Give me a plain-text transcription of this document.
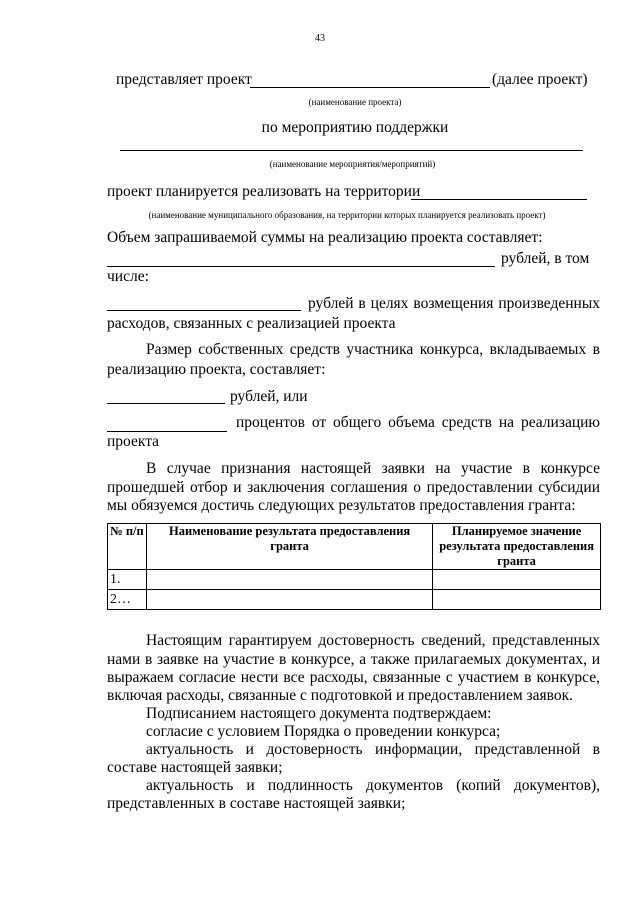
43
представляет проект	(далее проект)
(наименование проекта)
по мероприятию поддержки
(наименование мероприятия/мероприятий)
проект планируется реализовать на территории
(наименование муниципального образования, на территории которых планируется реализовать проект)
Объем запрашиваемой суммы на реализацию проекта составляет:
рублей, в том
числе:
рублей в целях возмещения произведенных
расходов, связанных с реализацией проекта
Размер собственных средств участника конкурса, вкладываемых в
реализацию проекта, составляет:
рублей, или
процентов от общего объема средств на реализацию
проекта
В случае признания настоящей заявки на участие в конкурсе
прошедшей отбор и заключения соглашения о предоставлении субсидии
мы обязуемся достичь следующих результатов предоставления гранта:
№ п/п	Наименование результата предоставления гранта	Планируемое значение результата предоставления гранта
1.		
2…		
Настоящим гарантируем достоверность сведений, представленных
нами в заявке на участие в конкурсе, а также прилагаемых документах, и
выражаем согласие нести все расходы, связанные с участием в конкурсе,
включая расходы, связанные с подготовкой и предоставлением заявок.
Подписанием настоящего документа подтверждаем:
согласие с условием Порядка о проведении конкурса;
актуальность и достоверность информации, представленной в
составе настоящей заявки;
актуальность и подлинность документов (копий документов),
представленных в составе настоящей заявки;
